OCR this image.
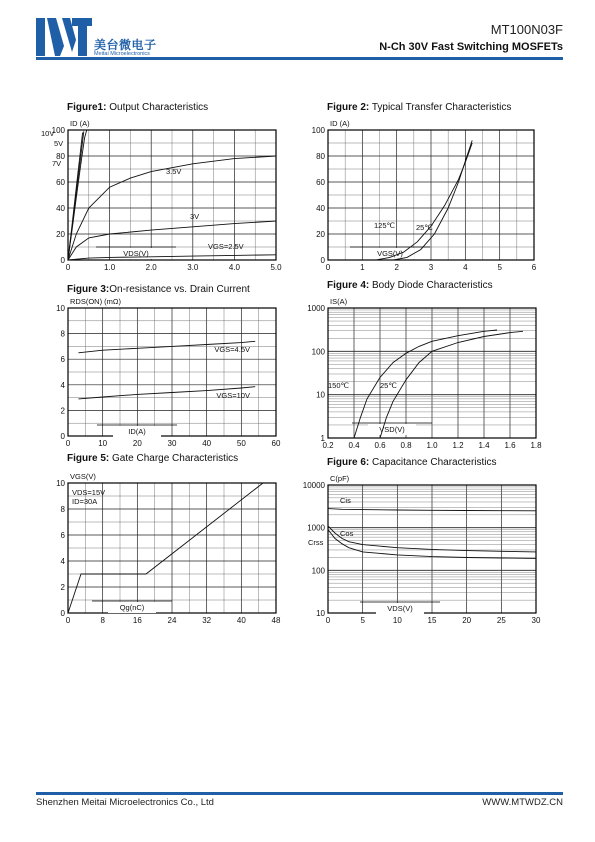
美台微电子
Meitai Microelectronics
MT100N03F
N-Ch 30V Fast Switching MOSFETs
Figure1: Output Characteristics	Figure 2: Typical Transfer Characteristics
Figure 3:On-resistance vs. Drain Current	Figure 4: Body Diode Characteristics
Figure 5: Gate Charge Characteristics	Figure 6: Capacitance Characteristics
0	1.0	2.0	3.0	4.0	5.0
0
20
40
60
80
100
ID (A)
VDS(V)
10V
5V
7V
3.5V
3V
VGS=2.5V
0	1	2	3	4	5	6
0
20
40
60
80
100
ID (A)
VGS(V)
125℃	25℃
0	10	20	30	40	50	60
0
2
4
6
8
10
RDS(ON) (mΩ)
ID(A)
VGS=4.5V
VGS=10V
0.2 0.4 0.6 0.8 1.0 1.2 1.4 1.6 1.8
1
10
100
1000
IS(A)
VSD(V)
150℃	25℃
0	8	16	24	32	40	48
0
2
4
6
8
10
VGS(V)
Qg(nC)
VDS=15V
ID=30A
0	5	10	15	20	25	30
10
100
1000
10000
C(pF)
VDS(V)
Cis
Cos
Crss
Shenzhen Meitai Microelectronics Co., Ltd	WWW.MTWDZ.CN
